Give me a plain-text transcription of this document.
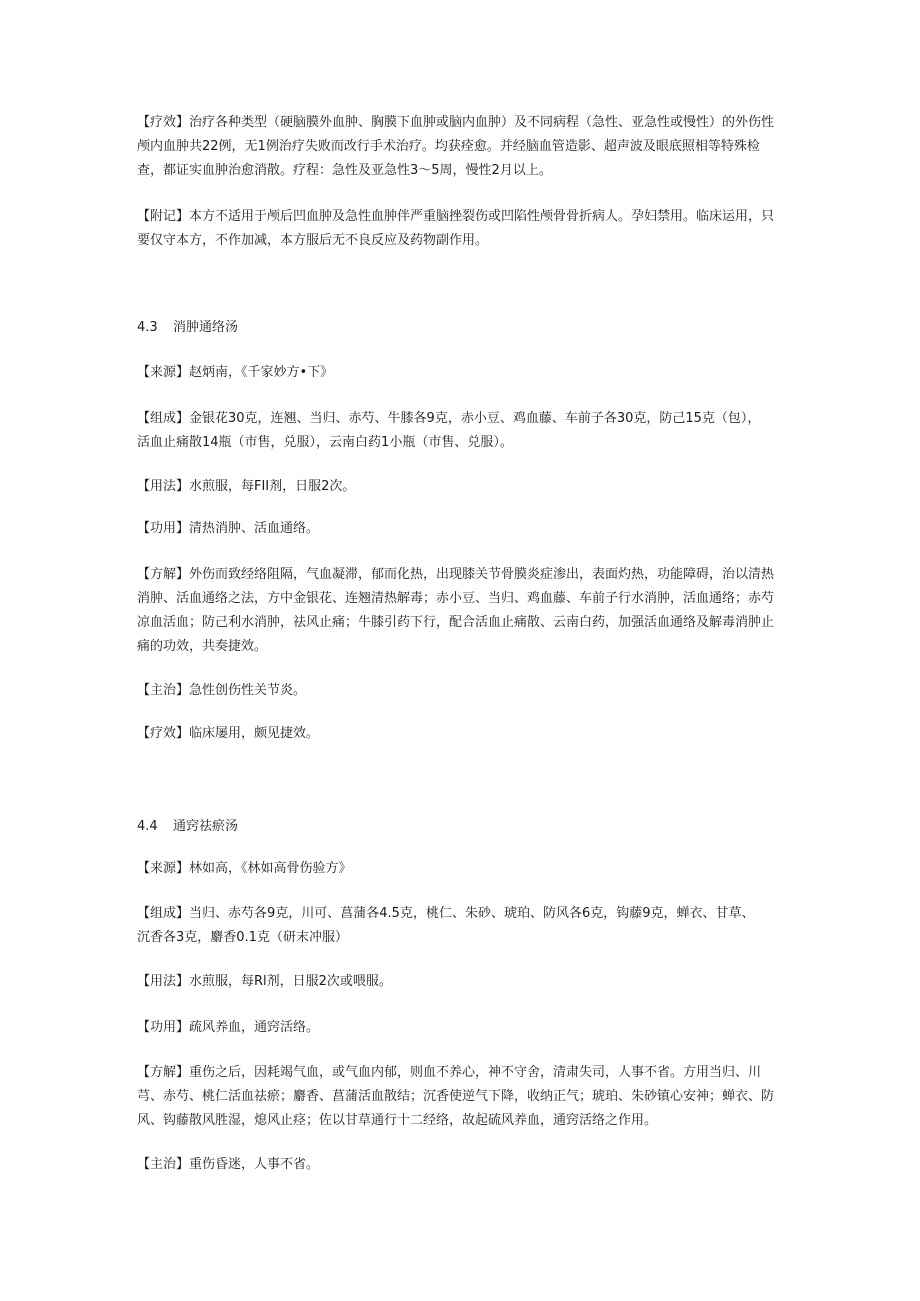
【疗效】治疗各种类型（硬脑膜外血肿、胸膜下血肿或脑内血肿）及不同病程（急性、亚急性或慢性）的外伤性
颅内血肿共22例，无1例治疗失败而改行手术治疗。均获痊愈。并经脑血管造影、超声波及眼底照相等特殊检
查，都证实血肿治愈消散。疗程：急性及亚急性3〜5周，慢性2月以上。
【附记】本方不适用于颅后凹血肿及急性血肿伴严重脑挫裂伤或凹陷性颅骨骨折病人。孕妇禁用。临床运用，只
要仅守本方，不作加减，本方服后无不良反应及药物副作用。
4.3 消肿通络汤
【来源】赵炳南，《千家妙方•下》
【组成】金银花30克，连翘、当归、赤芍、牛膝各9克，赤小豆、鸡血藤、车前子各30克，防己15克（包），
活血止痛散14瓶（市售，兑服），云南白药1小瓶（市售、兑服）。
【用法】水煎服，每FII剂，日服2次。
【功用】清热消肿、活血通络。
【方解】外伤而致经络阻隔，气血凝滞，郁而化热，出现膝关节骨膜炎症渗出，表面灼热，功能障碍，治以清热
消肿、活血通络之法，方中金银花、连翘清热解毒；赤小豆、当归、鸡血藤、车前子行水消肿，活血通络；赤芍
凉血活血；防己利水消肿，祛风止痛；牛膝引药下行，配合活血止痛散、云南白药，加强活血通络及解毒消肿止
痛的功效，共奏捷效。
【主治】急性创伤性关节炎。
【疗效】临床屡用，颇见捷效。
4.4 通窍祛瘀汤
【来源】林如高，《林如高骨伤验方》
【组成】当归、赤芍各9克，川可、菖蒲各4.5克，桃仁、朱砂、琥珀、防风各6克，钩藤9克，蝉衣、甘草、
沉香各3克，麝香0.1克（研末冲服）
【用法】水煎服，每Rl剂，日服2次或喂服。
【功用】疏风养血，通窍活络。
【方解】重伤之后，因耗竭气血，或气血内郁，则血不养心，神不守舍，清肃失司，人事不省。方用当归、川
芎、赤芍、桃仁活血祛瘀；麝香、菖蒲活血散结；沉香使逆气下降，收纳正气；琥珀、朱砂镇心安神；蝉衣、防
风、钩藤散风胜湿，熄风止痉；佐以甘草通行十二经络，故起硫风养血，通窍活络之作用。
【主治】重伤昏迷，人事不省。
